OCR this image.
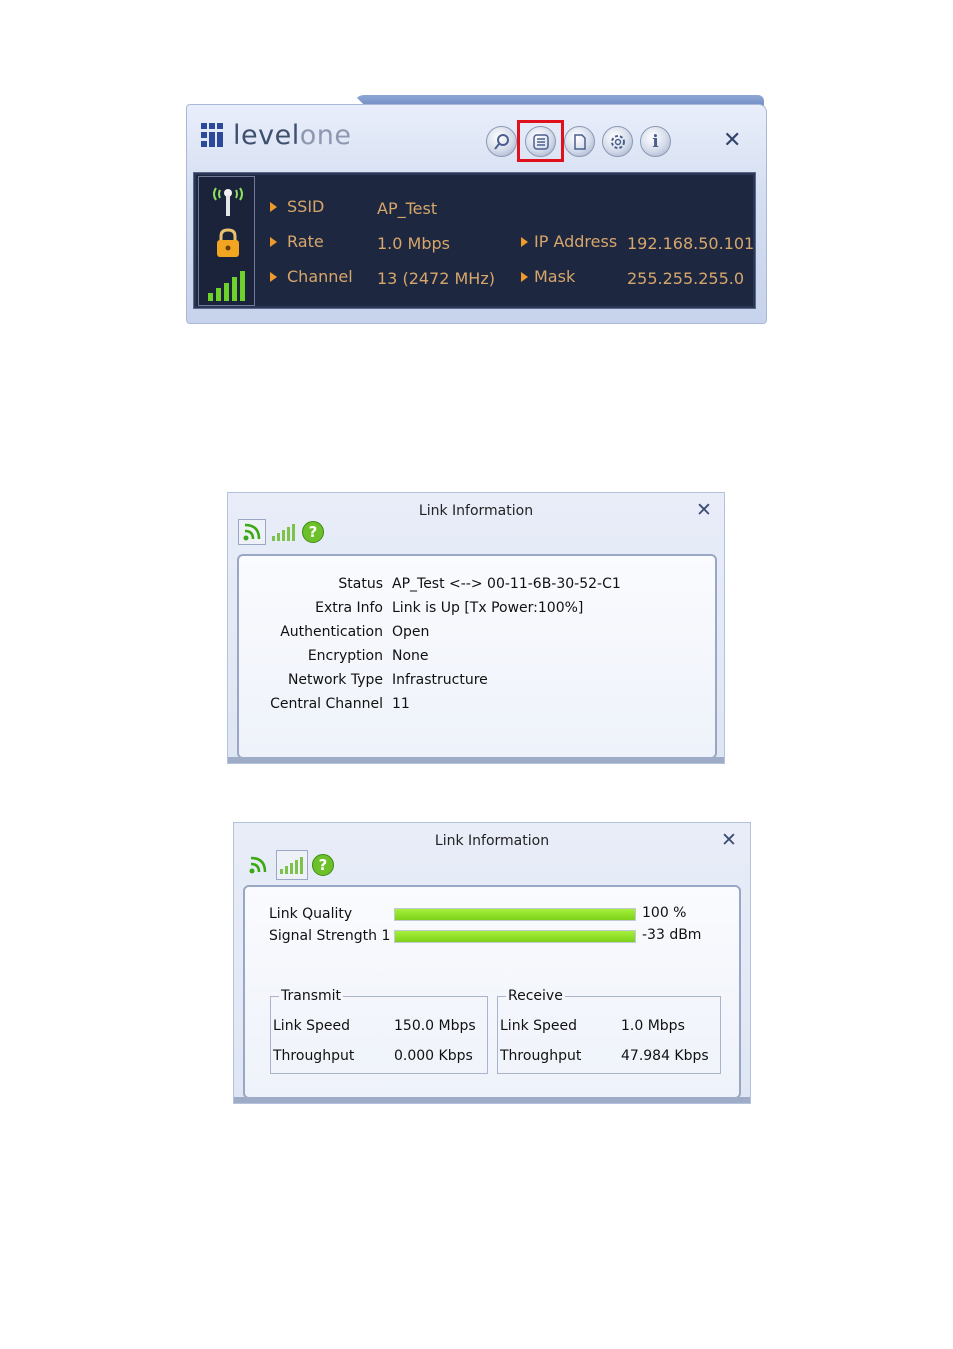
level one	i	✕
SSID	AP_Test
Rate	1.0 Mbps
Channel 13 (2472 MHz)
IP Address 192.168.50.101
Mask	255.255.255.0
Link Information	✕
?
Status AP_Test <--> 00-11-6B-30-52-C1
Extra Info Link is Up [Tx Power:100%]
Authentication Open
Encryption None
Network Type Infrastructure
Central Channel 11
Link Information	✕
?
Link Quality	100 %
Signal Strength 1	-33 dBm
Transmit
Link Speed	150.0 Mbps
Throughput	0.000 Kbps
Receive
Link Speed	1.0 Mbps
Throughput	47.984 Kbps
